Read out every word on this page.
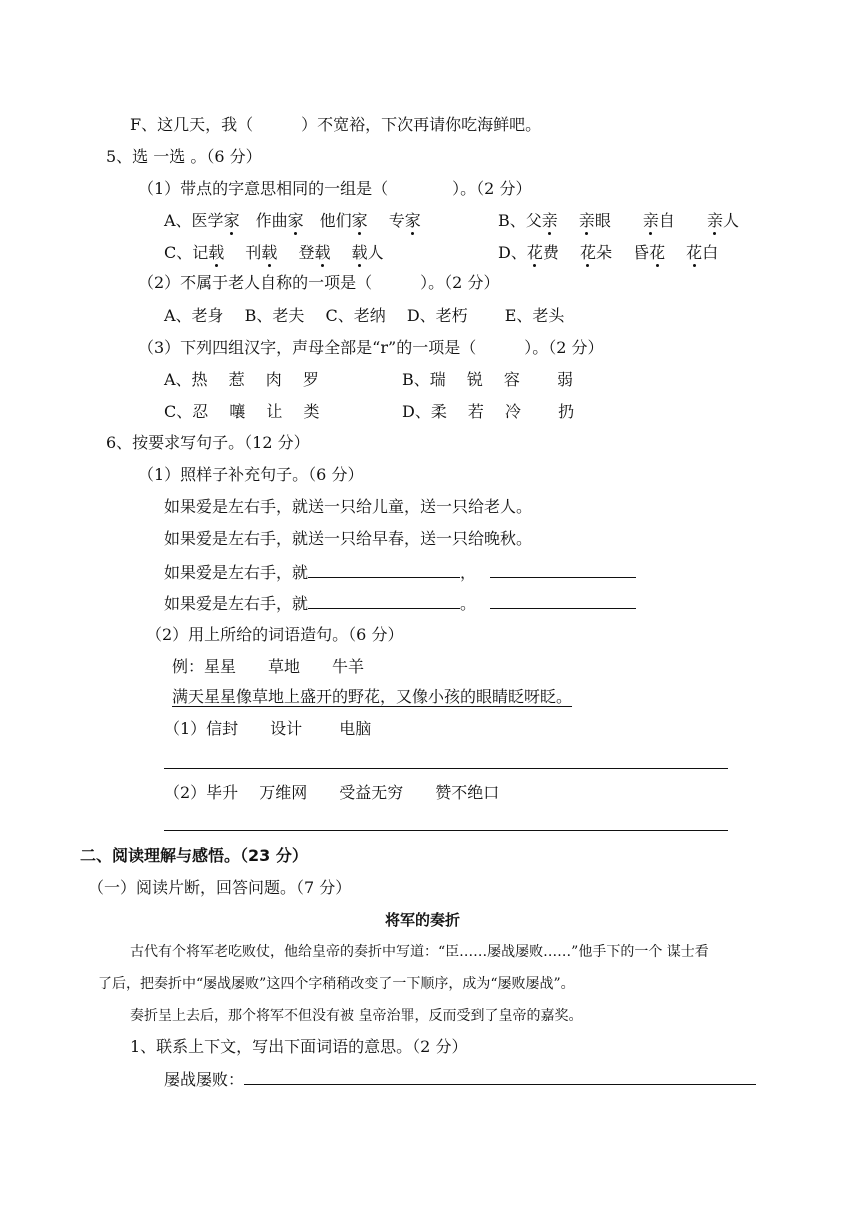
F、这几天，我（　　　）不宽裕，下次再请你吃海鲜吧。
5、选 一选 。（6 分）
（1）带点的字意思相同的一组是（　　　　）。（2 分）
A、医学家　作曲家　他们家　 专家	B、父亲　 亲眼　　亲自　　亲人
C、记载　 刊载　 登载　 载人	D、花费　 花朵　 昏花　 花白
（2）不属于老人自称的一项是（　　　）。（2 分）
A、老身　 B、老夫　 C、老纳　 D、老朽　　 E、老头
（3）下列四组汉字，声母全部是“r”的一项是（　　　）。（2 分）
A、热　 惹　 肉　 罗	B、瑞　 锐　 容　　 弱
C、忍　 嚷　 让　 类	D、柔　 若　 冷　　 扔
6、按要求写句子。（12 分）
（1）照样子补充句子。（6 分）
如果爱是左右手，就送一只给儿童，送一只给老人。
如果爱是左右手，就送一只给早春，送一只给晚秋。
如果爱是左右手，就	，
如果爱是左右手，就	。
（2）用上所给的词语造句。（6 分）
例：星星　　草地　　牛羊
满天星星像草地上盛开的野花，又像小孩的眼睛眨呀眨。
（1）信封　　设计　　 电脑
（2）毕升　 万维网　　受益无穷　　赞不绝口
二、阅读理解与感悟。（23 分）
（一）阅读片断，回答问题。（7 分）
将军的奏折
古代有个将军老吃败仗，他给皇帝的奏折中写道：“臣……屡战屡败……”他手下的一个 谋士看
了后，把奏折中“屡战屡败”这四个字稍稍改变了一下顺序，成为“屡败屡战”。
奏折呈上去后，那个将军不但没有被 皇帝治罪，反而受到了皇帝的嘉奖。
1、联系上下文，写出下面词语的意思。（2 分）
屡战屡败：
